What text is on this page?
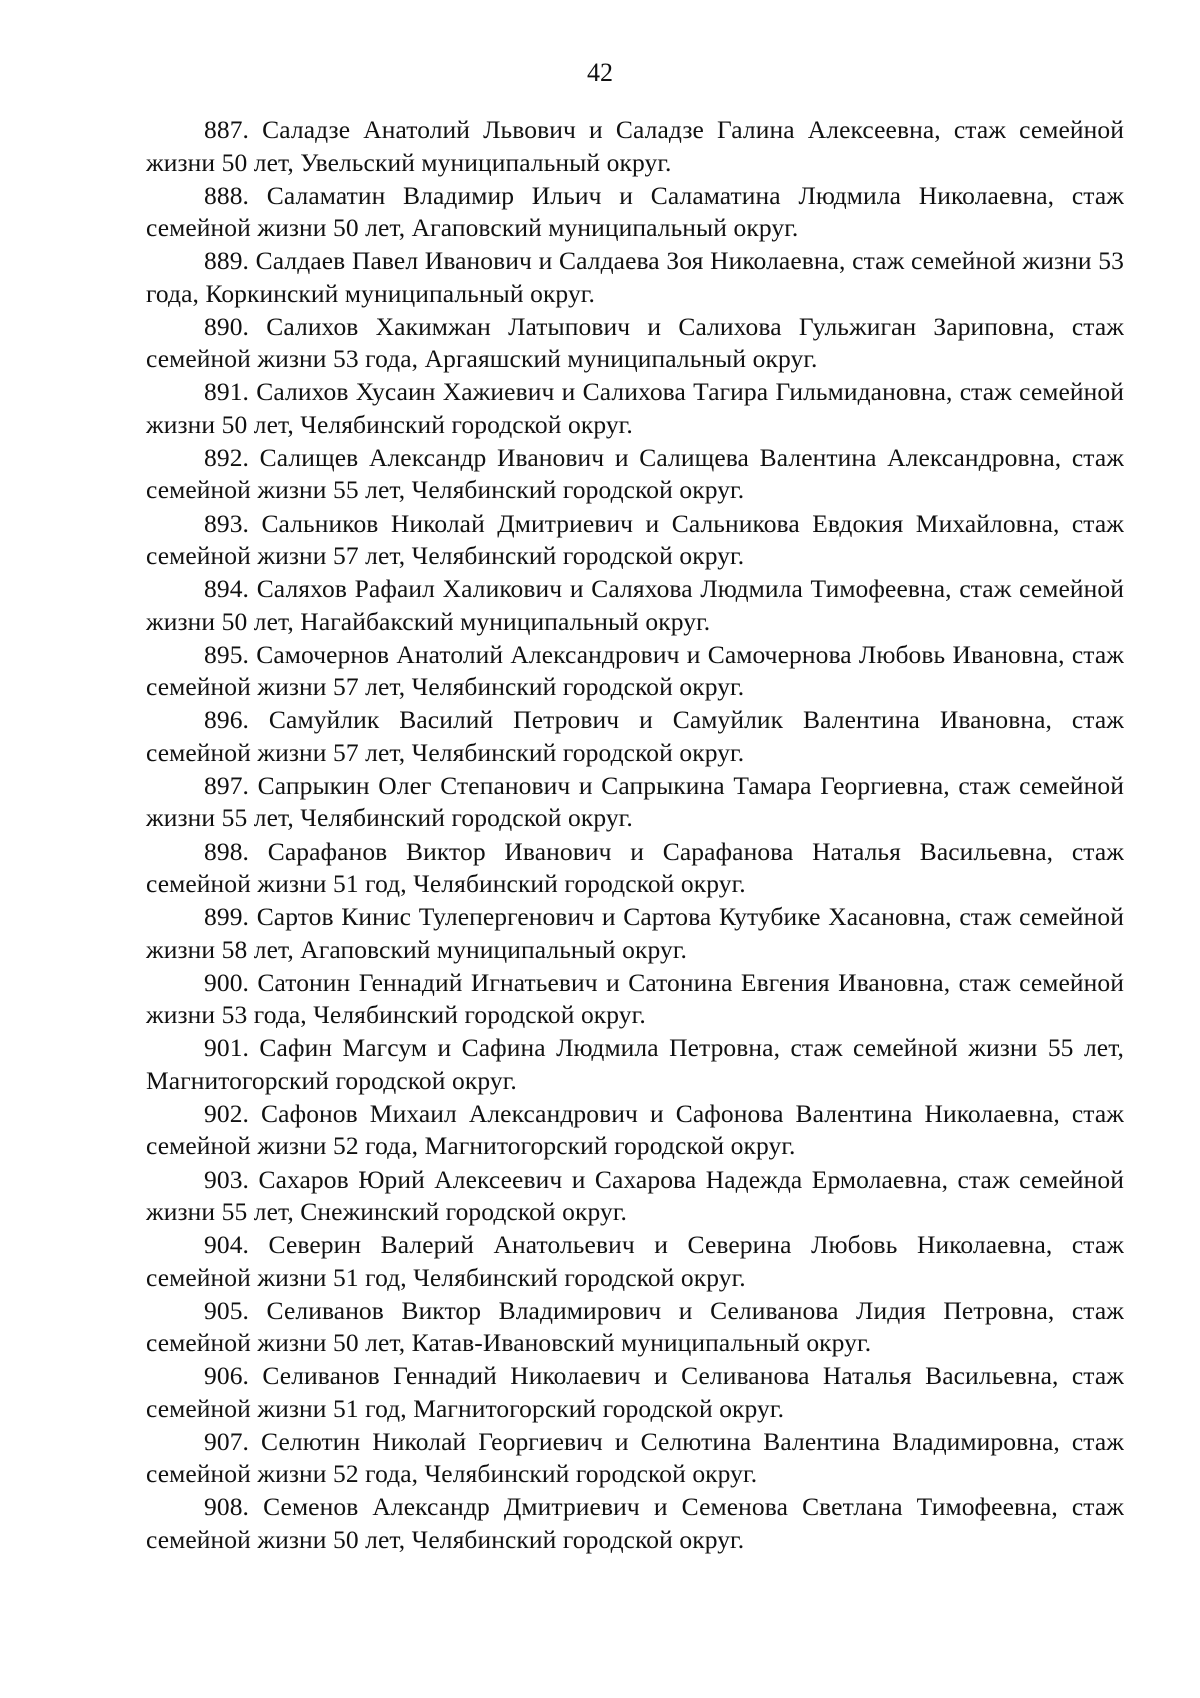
42

887. Саладзе Анатолий Львович и Саладзе Галина Алексеевна, стаж семейной жизни 50 лет, Увельский муниципальный округ.

888. Саламатин Владимир Ильич и Саламатина Людмила Николаевна, стаж семейной жизни 50 лет, Агаповский муниципальный округ.

889. Салдаев Павел Иванович и Салдаева Зоя Николаевна, стаж семейной жизни 53 года, Коркинский муниципальный округ.

890. Салихов Хакимжан Латыпович и Салихова Гульжиган Зариповна, стаж семейной жизни 53 года, Аргаяшский муниципальный округ.

891. Салихов Хусаин Хажиевич и Салихова Тагира Гильмидановна, стаж семейной жизни 50 лет, Челябинский городской округ.

892. Салищев Александр Иванович и Салищева Валентина Александровна, стаж семейной жизни 55 лет, Челябинский городской округ.

893. Сальников Николай Дмитриевич и Сальникова Евдокия Михайловна, стаж семейной жизни 57 лет, Челябинский городской округ.

894. Саляхов Рафаил Халикович и Саляхова Людмила Тимофеевна, стаж семейной жизни 50 лет, Нагайбакский муниципальный округ.

895. Самочернов Анатолий Александрович и Самочернова Любовь Ивановна, стаж семейной жизни 57 лет, Челябинский городской округ.

896. Самуйлик Василий Петрович и Самуйлик Валентина Ивановна, стаж семейной жизни 57 лет, Челябинский городской округ.

897. Сапрыкин Олег Степанович и Сапрыкина Тамара Георгиевна, стаж семейной жизни 55 лет, Челябинский городской округ.

898. Сарафанов Виктор Иванович и Сарафанова Наталья Васильевна, стаж семейной жизни 51 год, Челябинский городской округ.

899. Сартов Кинис Тулепергенович и Сартова Кутубике Хасановна, стаж семейной жизни 58 лет, Агаповский муниципальный округ.

900. Сатонин Геннадий Игнатьевич и Сатонина Евгения Ивановна, стаж семейной жизни 53 года, Челябинский городской округ.

901. Сафин Магсум и Сафина Людмила Петровна, стаж семейной жизни 55 лет, Магнитогорский городской округ.

902. Сафонов Михаил Александрович и Сафонова Валентина Николаевна, стаж семейной жизни 52 года, Магнитогорский городской округ.

903. Сахаров Юрий Алексеевич и Сахарова Надежда Ермолаевна, стаж семейной жизни 55 лет, Снежинский городской округ.

904. Северин Валерий Анатольевич и Северина Любовь Николаевна, стаж семейной жизни 51 год, Челябинский городской округ.

905. Селиванов Виктор Владимирович и Селиванова Лидия Петровна, стаж семейной жизни 50 лет, Катав-Ивановский муниципальный округ.

906. Селиванов Геннадий Николаевич и Селиванова Наталья Васильевна, стаж семейной жизни 51 год, Магнитогорский городской округ.

907. Селютин Николай Георгиевич и Селютина Валентина Владимировна, стаж семейной жизни 52 года, Челябинский городской округ.

908. Семенов Александр Дмитриевич и Семенова Светлана Тимофеевна, стаж семейной жизни 50 лет, Челябинский городской округ.
